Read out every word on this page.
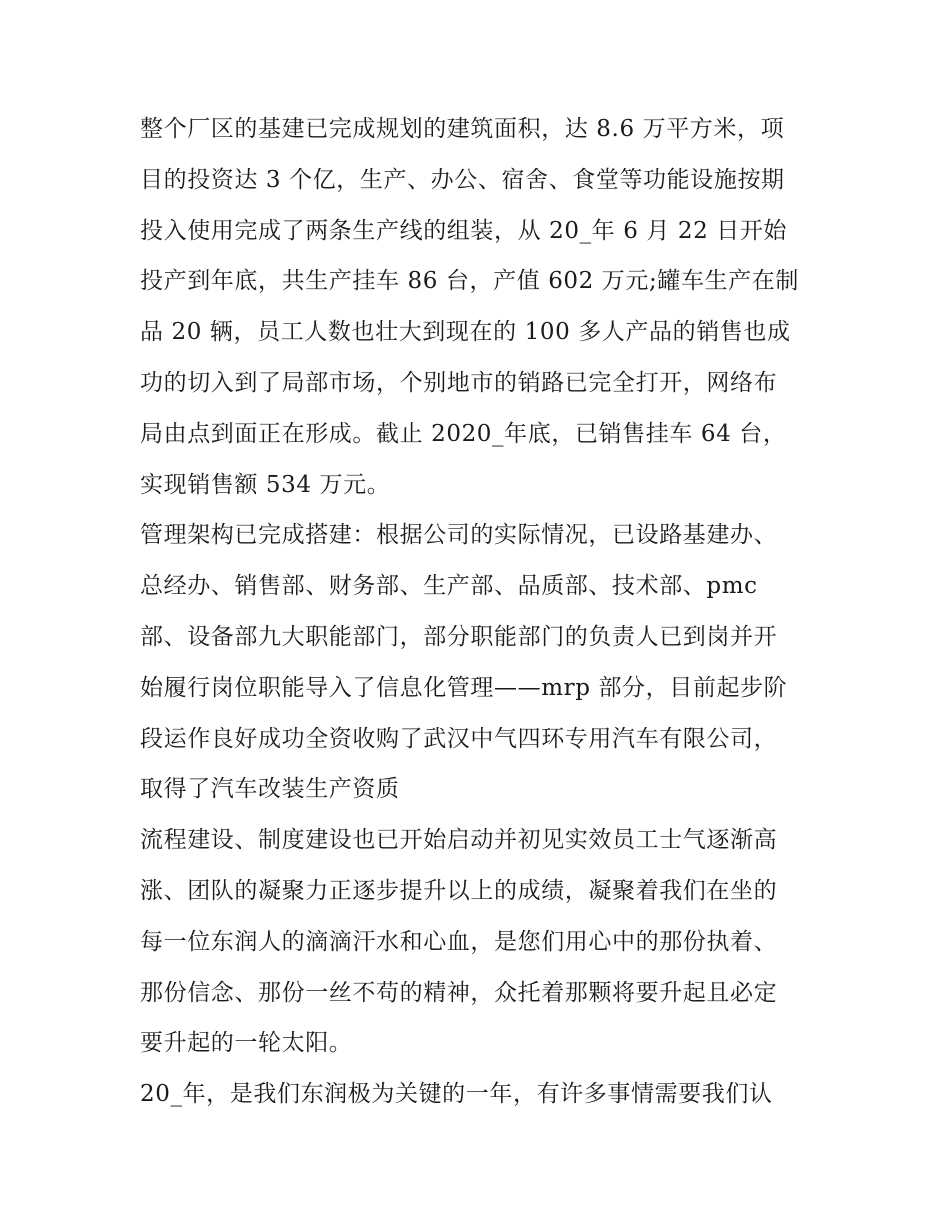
整个厂区的基建已完成规划的建筑面积，达 8.6 万平方米，项
目的投资达 3 个亿，生产、办公、宿舍、食堂等功能设施按期
投入使用完成了两条生产线的组装，从 20_年 6 月 22 日开始
投产到年底，共生产挂车 86 台，产值 602 万元;罐车生产在制
品 20 辆，员工人数也壮大到现在的 100 多人产品的销售也成
功的切入到了局部市场，个别地市的销路已完全打开，网络布
局由点到面正在形成。截止 2020_年底，已销售挂车 64 台，
实现销售额 534 万元。
管理架构已完成搭建：根据公司的实际情况，已设路基建办、
总经办、销售部、财务部、生产部、品质部、技术部、pmc
部、设备部九大职能部门，部分职能部门的负责人已到岗并开
始履行岗位职能导入了信息化管理——mrp 部分，目前起步阶
段运作良好成功全资收购了武汉中气四环专用汽车有限公司，
取得了汽车改装生产资质
流程建设、制度建设也已开始启动并初见实效员工士气逐渐高
涨、团队的凝聚力正逐步提升以上的成绩，凝聚着我们在坐的
每一位东润人的滴滴汗水和心血，是您们用心中的那份执着、
那份信念、那份一丝不苟的精神，众托着那颗将要升起且必定
要升起的一轮太阳。
20_年，是我们东润极为关键的一年，有许多事情需要我们认
